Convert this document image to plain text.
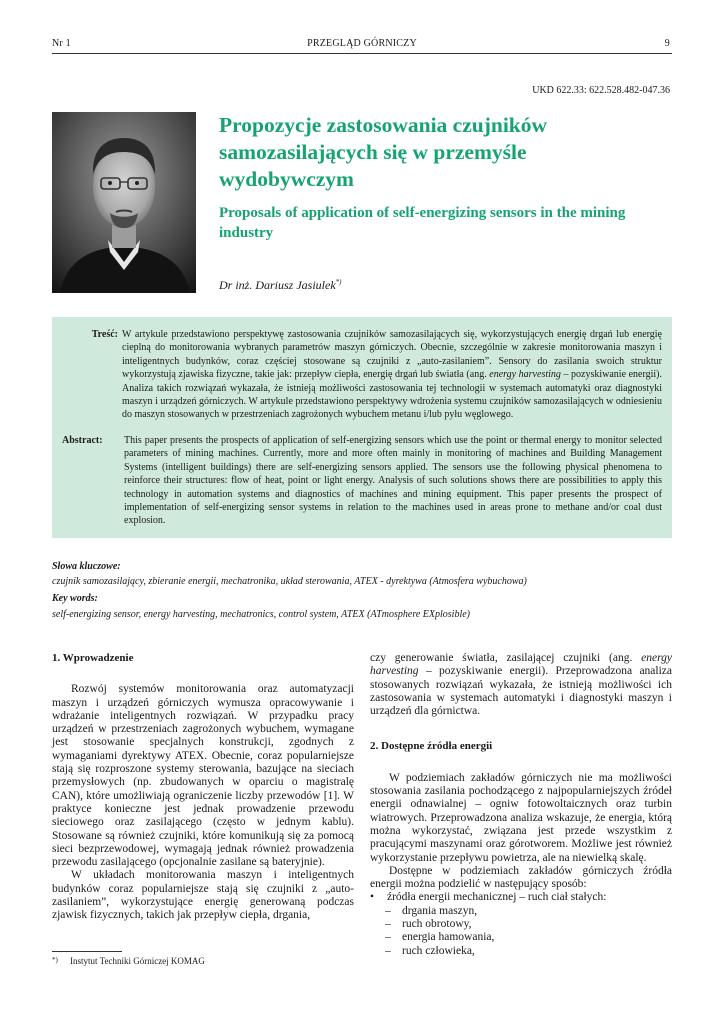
Nr 1	PRZEGLĄD GÓRNICZY	9
UKD 622.33: 622.528.482-047.36
Propozycje zastosowania czujników samozasilających się w przemyśle wydobywczym
Proposals of application of self-energizing sensors in the mining industry
Dr inż. Dariusz Jasiulek*)
Treść: W artykule przedstawiono perspektywę zastosowania czujników samozasilających się, wykorzystujących energię drgań lub energię cieplną do monitorowania wybranych parametrów maszyn górniczych. Obecnie, szczególnie w zakresie monitorowania maszyn i inteligentnych budynków, coraz częściej stosowane są czujniki z „auto-zasilaniem”. Sensory do zasilania swoich struktur wykorzystują zjawiska fizyczne, takie jak: przepływ ciepła, energię drgań lub światła (ang. energy harvesting – pozyskiwanie energii). Analiza takich rozwiązań wykazała, że istnieją możliwości zastosowania tej technologii w systemach automatyki oraz diagnostyki maszyn i urządzeń górniczych. W artykule przedstawiono perspektywy wdrożenia systemu czujników samozasilających w odniesieniu do maszyn stosowanych w przestrzeniach zagrożonych wybuchem metanu i/lub pyłu węglowego.
Abstract:	This paper presents the prospects of application of self-energizing sensors which use the point or thermal energy to monitor selected parameters of mining machines. Currently, more and more often mainly in monitoring of machines and Building Management Systems (intelligent buildings) there are self-energizing sensors applied. The sensors use the following physical phenomena to reinforce their structures: flow of heat, point or light energy. Analysis of such solutions shows there are possibilities to apply this technology in automation systems and diagnostics of machines and mining equipment. This paper presents the prospect of implementation of self-energizing sensor systems in relation to the machines used in areas prone to methane and/or coal dust explosion.
Słowa kluczowe:
czujnik samozasilający, zbieranie energii, mechatronika, układ sterowania, ATEX - dyrektywa (Atmosfera wybuchowa)
Key words:
self-energizing sensor, energy harvesting, mechatronics, control system, ATEX (ATmosphere EXplosible)
1. Wprowadzenie

Rozwój systemów monitorowania oraz automatyzacji maszyn i urządzeń górniczych wymusza opracowywanie i wdrażanie inteligentnych rozwiązań. W przypadku pracy urządzeń w przestrzeniach zagrożonych wybuchem, wymagane jest stosowanie specjalnych konstrukcji, zgodnych z wymaganiami dyrektywy ATEX. Obecnie, coraz popularniejsze stają się rozproszone systemy sterowania, bazujące na sieciach przemysłowych (np. zbudowanych w oparciu o magistralę CAN), które umożliwiają ograniczenie liczby przewodów [1]. W praktyce konieczne jest jednak prowadzenie przewodu sieciowego oraz zasilającego (często w jednym kablu). Stosowane są również czujniki, które komunikują się za pomocą sieci bezprzewodowej, wymagają jednak również prowadzenia przewodu zasilającego (opcjonalnie zasilane są bateryjnie).

W układach monitorowania maszyn i inteligentnych budynków coraz popularniejsze stają się czujniki z „auto-zasilaniem”, wykorzystujące energię generowaną podczas zjawisk fizycznych, takich jak przepływ ciepła, drgania,

czy generowanie światła, zasilającej czujniki (ang. energy harvesting – pozyskiwanie energii). Przeprowadzona analiza stosowanych rozwiązań wykazała, że istnieją możliwości ich zastosowania w systemach automatyki i diagnostyki maszyn i urządzeń dla górnictwa.

2. Dostępne źródła energii

W podziemiach zakładów górniczych nie ma możliwości stosowania zasilania pochodzącego z najpopularniejszych źródeł energii odnawialnej – ogniw fotowoltaicznych oraz turbin wiatrowych. Przeprowadzona analiza wskazuje, że energia, którą można wykorzystać, związana jest przede wszystkim z pracującymi maszynami oraz górotworem. Możliwe jest również wykorzystanie przepływu powietrza, ale na niewielką skalę.

Dostępne w podziemiach zakładów górniczych źródła energii można podzielić w następujący sposób:

• źródła energii mechanicznej – ruch ciał stałych:
– drgania maszyn,
– ruch obrotowy,
– energia hamowania,
– ruch człowieka,
*) Instytut Techniki Górniczej KOMAG
